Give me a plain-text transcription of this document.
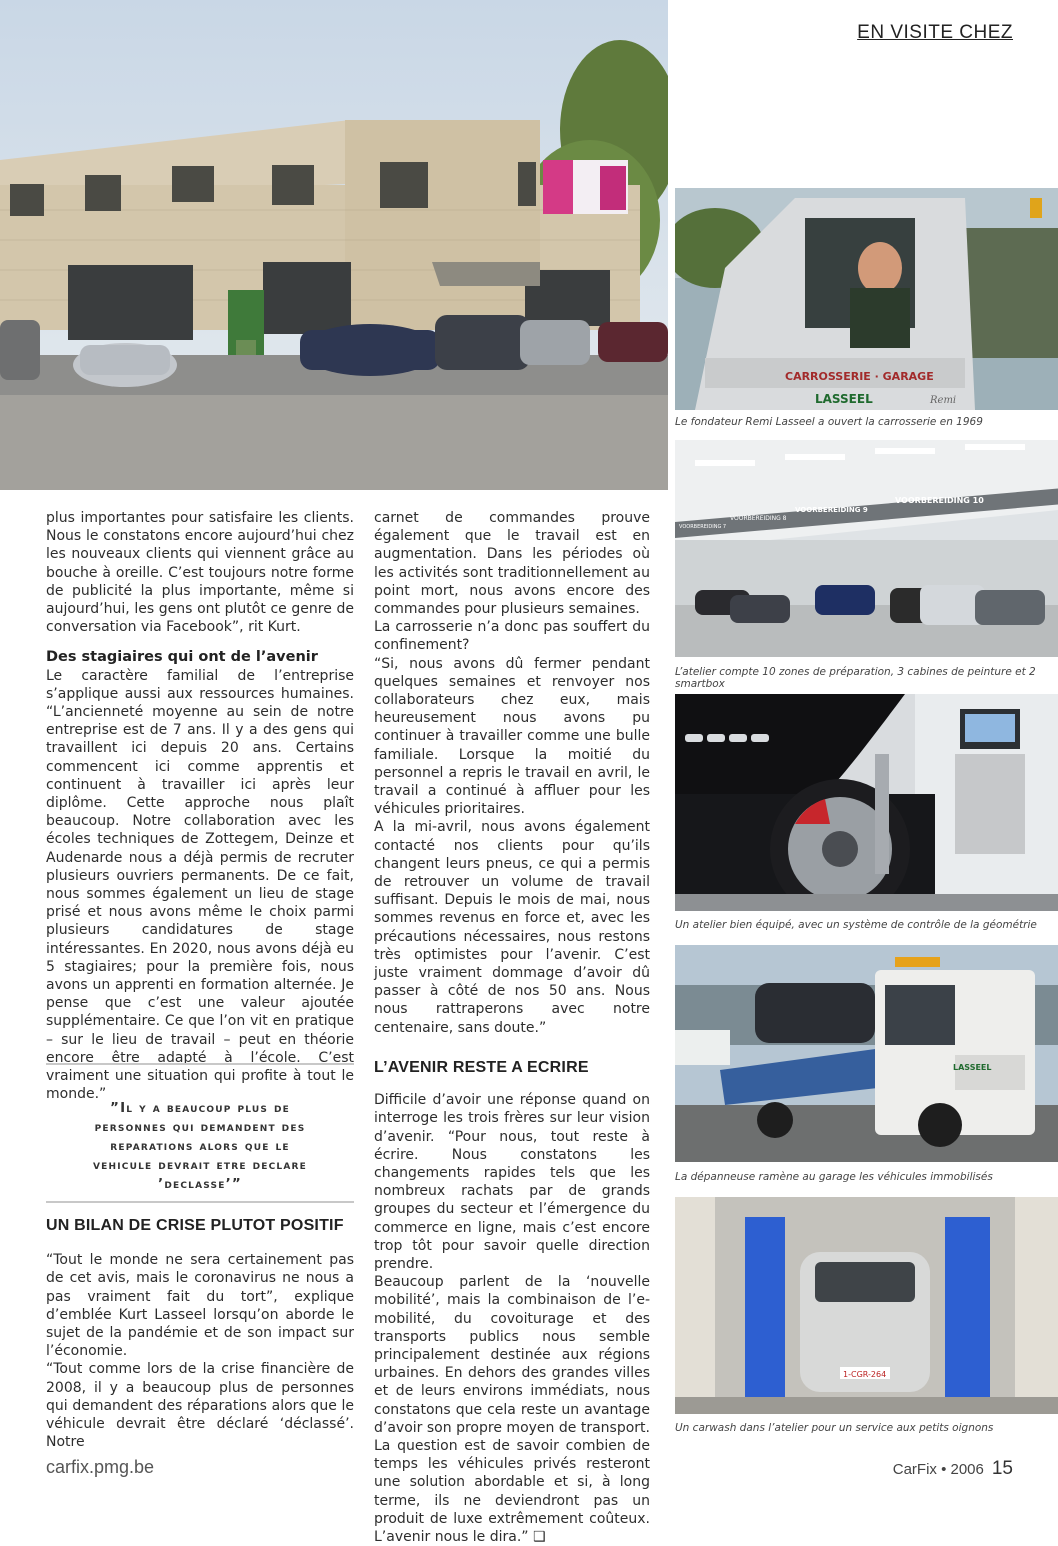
EN VISITE CHEZ
CARROSSERIE · GARAGE
LASSEEL	Remi
Le fondateur Remi Lasseel a ouvert la carrosserie en 1969
VOORBEREIDING 10
VOORBEREIDING 9
VOORBEREIDING 8
VOORBEREIDING 7
L’atelier compte 10 zones de préparation, 3 cabines de peinture et 2 smartbox
Un atelier bien équipé, avec un système de contrôle de la géométrie
LASSEEL
La dépanneuse ramène au garage les véhicules immobilisés
1-CGR-264
Un carwash dans l’atelier pour un service aux petits oignons

plus importantes pour satisfaire les clients. Nous le constatons encore aujourd’hui chez les nouveaux clients qui viennent grâce au bouche à oreille. C’est toujours notre forme de publicité la plus importante, même si aujourd’hui, les gens ont plutôt ce genre de conversation via Facebook”, rit Kurt.

Des stagiaires qui ont de l’avenir

Le caractère familial de l’entreprise s’applique aussi aux ressources humaines. “L’ancienneté moyenne au sein de notre entreprise est de 7 ans. Il y a des gens qui travaillent ici depuis 20 ans. Certains commencent ici comme apprentis et continuent à travailler ici après leur diplôme. Cette approche nous plaît beaucoup. Notre collaboration avec les écoles techniques de Zottegem, Deinze et Audenarde nous a déjà permis de recruter plusieurs ouvriers permanents. De ce fait, nous sommes également un lieu de stage prisé et nous avons même le choix parmi plusieurs candidatures de stage intéressantes. En 2020, nous avons déjà eu 5 stagiaires; pour la première fois, nous avons un apprenti en formation alternée. Je pense que c’est une valeur ajoutée supplémentaire. Ce que l’on vit en pratique – sur le lieu de travail – peut en théorie encore être adapté à l’école. C’est vraiment une situation qui profite à tout le monde.”

”Il y a beaucoup plus de personnes qui demandent des reparations alors que le vehicule devrait etre declare ’declasse’”
UN BILAN DE CRISE PLUTOT POSITIF

“Tout le monde ne sera certainement pas de cet avis, mais le coronavirus ne nous a pas vraiment fait du tort”, explique d’emblée Kurt Lasseel lorsqu’on aborde le sujet de la pandémie et de son impact sur l’économie.

“Tout comme lors de la crise financière de 2008, il y a beaucoup plus de personnes qui demandent des réparations alors que le véhicule devrait être déclaré ‘déclassé’. Notre

carnet de commandes prouve également que le travail est en augmentation. Dans les périodes où les activités sont traditionnellement au point mort, nous avons encore des commandes pour plusieurs semaines.

La carrosserie n’a donc pas souffert du confinement?

“Si, nous avons dû fermer pendant quelques semaines et renvoyer nos collaborateurs chez eux, mais heureusement nous avons pu continuer à travailler comme une bulle familiale. Lorsque la moitié du personnel a repris le travail en avril, le travail a continué à affluer pour les véhicules prioritaires.

A la mi-avril, nous avons également contacté nos clients pour qu’ils changent leurs pneus, ce qui a permis de retrouver un volume de travail suffisant. Depuis le mois de mai, nous sommes revenus en force et, avec les précautions nécessaires, nous restons très optimistes pour l’avenir. C’est juste vraiment dommage d’avoir dû passer à côté de nos 50 ans. Nous nous rattraperons avec notre centenaire, sans doute.”

L’AVENIR RESTE A ECRIRE

Difficile d’avoir une réponse quand on interroge les trois frères sur leur vision d’avenir. “Pour nous, tout reste à écrire. Nous constatons les changements rapides tels que les nombreux rachats par de grands groupes du secteur et l’émergence du commerce en ligne, mais c’est encore trop tôt pour savoir quelle direction prendre.

Beaucoup parlent de la ‘nouvelle mobilité’, mais la combinaison de l’e-mobilité, du covoiturage et des transports publics nous semble principalement destinée aux régions urbaines. En dehors des grandes villes et de leurs environs immédiats, nous constatons que cela reste un avantage d’avoir son propre moyen de transport. La question est de savoir combien de temps les véhicules privés resteront une solution abordable et si, à long terme, ils ne deviendront pas un produit de luxe extrêmement coûteux. L’avenir nous le dira.” ❑

carfix.pmg.be	CarFix • 2006 15
